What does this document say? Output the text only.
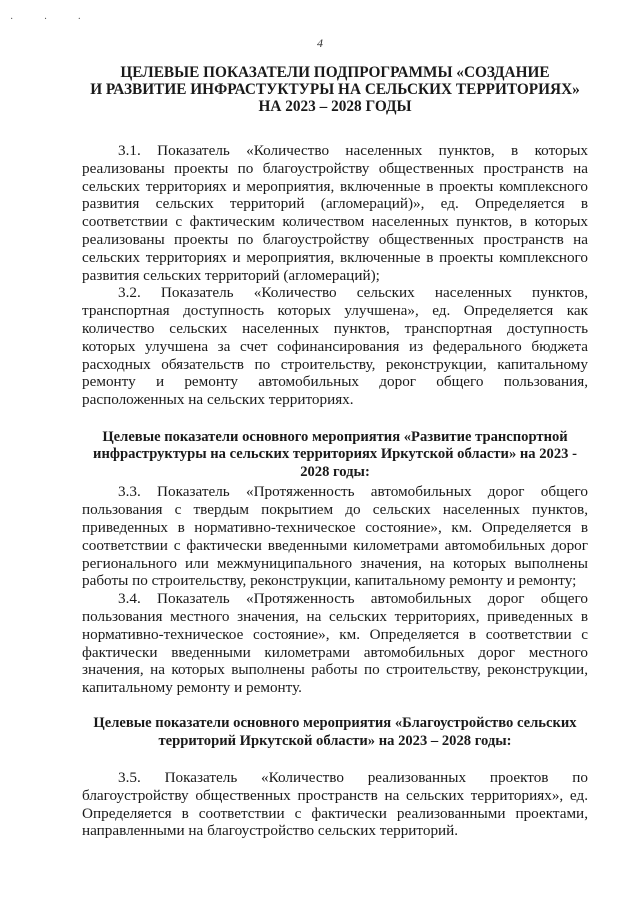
· · ·
4
ЦЕЛЕВЫЕ ПОКАЗАТЕЛИ ПОДПРОГРАММЫ «СОЗДАНИЕ
И РАЗВИТИЕ ИНФРАСТУКТУРЫ НА СЕЛЬСКИХ ТЕРРИТОРИЯХ»
НА 2023 – 2028 ГОДЫ

3.1. Показатель «Количество населенных пунктов, в которых реализованы проекты по благоустройству общественных пространств на сельских территориях и мероприятия, включенные в проекты комплексного развития сельских территорий (агломераций)», ед. Определяется в соответствии с фактическим количеством населенных пунктов, в которых реализованы проекты по благоустройству общественных пространств на сельских территориях и мероприятия, включенные в проекты комплексного развития сельских территорий (агломераций);

3.2. Показатель «Количество сельских населенных пунктов, транспортная доступность которых улучшена», ед. Определяется как количество сельских населенных пунктов, транспортная доступность которых улучшена за счет софинансирования из федерального бюджета расходных обязательств по строительству, реконструкции, капитальному ремонту и ремонту автомобильных дорог общего пользования, расположенных на сельских территориях.

Целевые показатели основного мероприятия «Развитие транспортной
инфраструктуры на сельских территориях Иркутской области» на 2023 -
2028 годы:

3.3. Показатель «Протяженность автомобильных дорог общего пользования с твердым покрытием до сельских населенных пунктов, приведенных в нормативно-техническое состояние», км. Определяется в соответствии с фактически введенными километрами автомобильных дорог регионального или межмуниципального значения, на которых выполнены работы по строительству, реконструкции, капитальному ремонту и ремонту;

3.4. Показатель «Протяженность автомобильных дорог общего пользования местного значения, на сельских территориях, приведенных в нормативно-техническое состояние», км. Определяется в соответствии с фактически введенными километрами автомобильных дорог местного значения, на которых выполнены работы по строительству, реконструкции, капитальному ремонту и ремонту.

Целевые показатели основного мероприятия «Благоустройство сельских
территорий Иркутской области» на 2023 – 2028 годы:

3.5. Показатель «Количество реализованных проектов по благоустройству общественных пространств на сельских территориях», ед. Определяется в соответствии с фактически реализованными проектами, направленными на благоустройство сельских территорий.
